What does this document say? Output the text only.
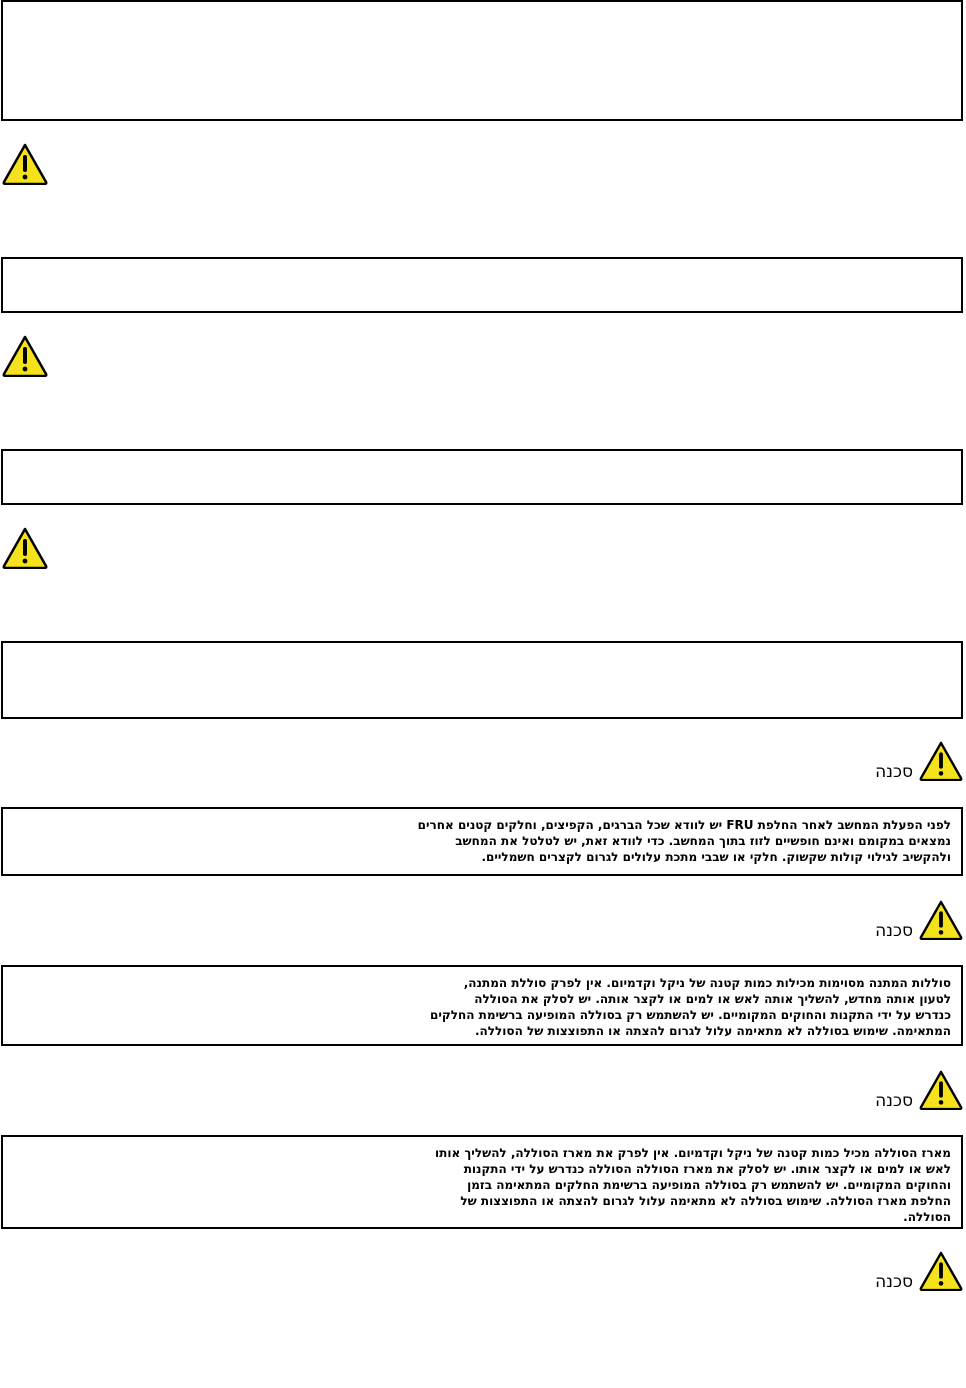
סכנה
לפני הפעלת המחשב לאחר החלפת FRU יש לוודא שכל הברגים, הקפיצים, וחלקים קטנים אחרים
נמצאים במקומם ואינם חופשיים לזוז בתוך המחשב. כדי לוודא זאת, יש לטלטל את המחשב
ולהקשיב לגילוי קולות שקשוק. חלקי או שבבי מתכת עלולים לגרום לקצרים חשמליים.
סכנה
סוללות המתנה מסוימות מכילות כמות קטנה של ניקל וקדמיום. אין לפרק סוללת המתנה,
לטעון אותה מחדש, להשליך אותה לאש או למים או לקצר אותה. יש לסלק את הסוללה
כנדרש על ידי התקנות והחוקים המקומיים. יש להשתמש רק בסוללה המופיעה ברשימת החלקים
המתאימה. שימוש בסוללה לא מתאימה עלול לגרום להצתה או התפוצצות של הסוללה.
סכנה
מארז הסוללה מכיל כמות קטנה של ניקל וקדמיום. אין לפרק את מארז הסוללה, להשליך אותו
לאש או למים או לקצר אותו. יש לסלק את מארז הסוללה הסוללה כנדרש על ידי התקנות
והחוקים המקומיים. יש להשתמש רק בסוללה המופיעה ברשימת החלקים המתאימה בזמן
החלפת מארז הסוללה. שימוש בסוללה לא מתאימה עלול לגרום להצתה או התפוצצות של
הסוללה.
סכנה
